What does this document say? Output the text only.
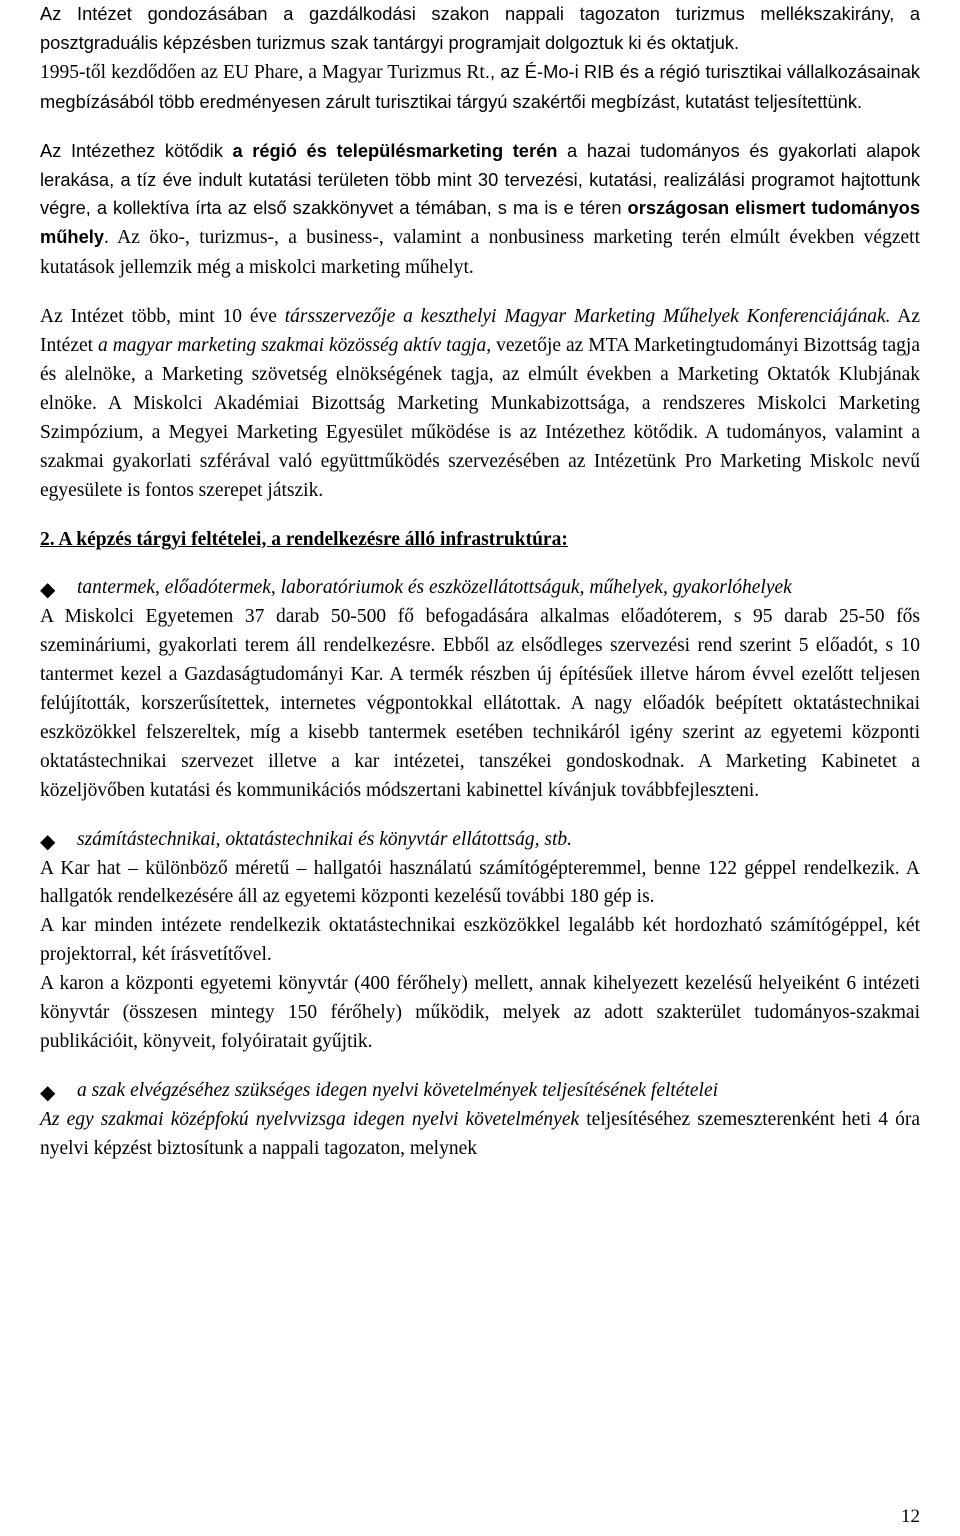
Az Intézet gondozásában a gazdálkodási szakon nappali tagozaton turizmus mellékszakirány, a posztgraduális képzésben turizmus szak tantárgyi programjait dolgoztuk ki és oktatjuk.

1995-től kezdődően az EU Phare, a Magyar Turizmus Rt., az É-Mo-i RIB és a régió turisztikai vállalkozásainak megbízásából több eredményesen zárult turisztikai tárgyú szakértői megbízást, kutatást teljesítettünk.

Az Intézethez kötődik a régió és településmarketing terén a hazai tudományos és gyakorlati alapok lerakása, a tíz éve indult kutatási területen több mint 30 tervezési, kutatási, realizálási programot hajtottunk végre, a kollektíva írta az első szakkönyvet a témában, s ma is e téren országosan elismert tudományos műhely. Az öko-, turizmus-, a business-, valamint a nonbusiness marketing terén elmúlt években végzett kutatások jellemzik még a miskolci marketing műhelyt.

Az Intézet több, mint 10 éve társszervezője a keszthelyi Magyar Marketing Műhelyek Konferenciájának. Az Intézet a magyar marketing szakmai közösség aktív tagja, vezetője az MTA Marketingtudományi Bizottság tagja és alelnöke, a Marketing szövetség elnökségének tagja, az elmúlt években a Marketing Oktatók Klubjának elnöke. A Miskolci Akadémiai Bizottság Marketing Munkabizottsága, a rendszeres Miskolci Marketing Szimpózium, a Megyei Marketing Egyesület működése is az Intézethez kötődik. A tudományos, valamint a szakmai gyakorlati szférával való együttműködés szervezésében az Intézetünk Pro Marketing Miskolc nevű egyesülete is fontos szerepet játszik.

2. A képzés tárgyi feltételei, a rendelkezésre álló infrastruktúra:
◆ tantermek, előadótermek, laboratóriumok és eszközellátottságuk, műhelyek, gyakorlóhelyek

A Miskolci Egyetemen 37 darab 50-500 fő befogadására alkalmas előadóterem, s 95 darab 25-50 fős szemináriumi, gyakorlati terem áll rendelkezésre. Ebből az elsődleges szervezési rend szerint 5 előadót, s 10 tantermet kezel a Gazdaságtudományi Kar. A termék részben új építésűek illetve három évvel ezelőtt teljesen felújították, korszerűsítettek, internetes végpontokkal ellátottak. A nagy előadók beépített oktatástechnikai eszközökkel felszereltek, míg a kisebb tantermek esetében technikáról igény szerint az egyetemi központi oktatástechnikai szervezet illetve a kar intézetei, tanszékei gondoskodnak. A Marketing Kabinetet a közeljövőben kutatási és kommunikációs módszertani kabinettel kívánjuk továbbfejleszteni.

◆ számítástechnikai, oktatástechnikai és könyvtár ellátottság, stb.

A Kar hat – különböző méretű – hallgatói használatú számítógépteremmel, benne 122 géppel rendelkezik. A hallgatók rendelkezésére áll az egyetemi központi kezelésű további 180 gép is.

A kar minden intézete rendelkezik oktatástechnikai eszközökkel legalább két hordozható számítógéppel, két projektorral, két írásvetítővel.

A karon a központi egyetemi könyvtár (400 férőhely) mellett, annak kihelyezett kezelésű helyeiként 6 intézeti könyvtár (összesen mintegy 150 férőhely) működik, melyek az adott szakterület tudományos-szakmai publikációit, könyveit, folyóiratait gyűjtik.

◆ a szak elvégzéséhez szükséges idegen nyelvi követelmények teljesítésének feltételei

Az egy szakmai középfokú nyelvvizsga idegen nyelvi követelmények teljesítéséhez szemeszterenként heti 4 óra nyelvi képzést biztosítunk a nappali tagozaton, melynek

12
